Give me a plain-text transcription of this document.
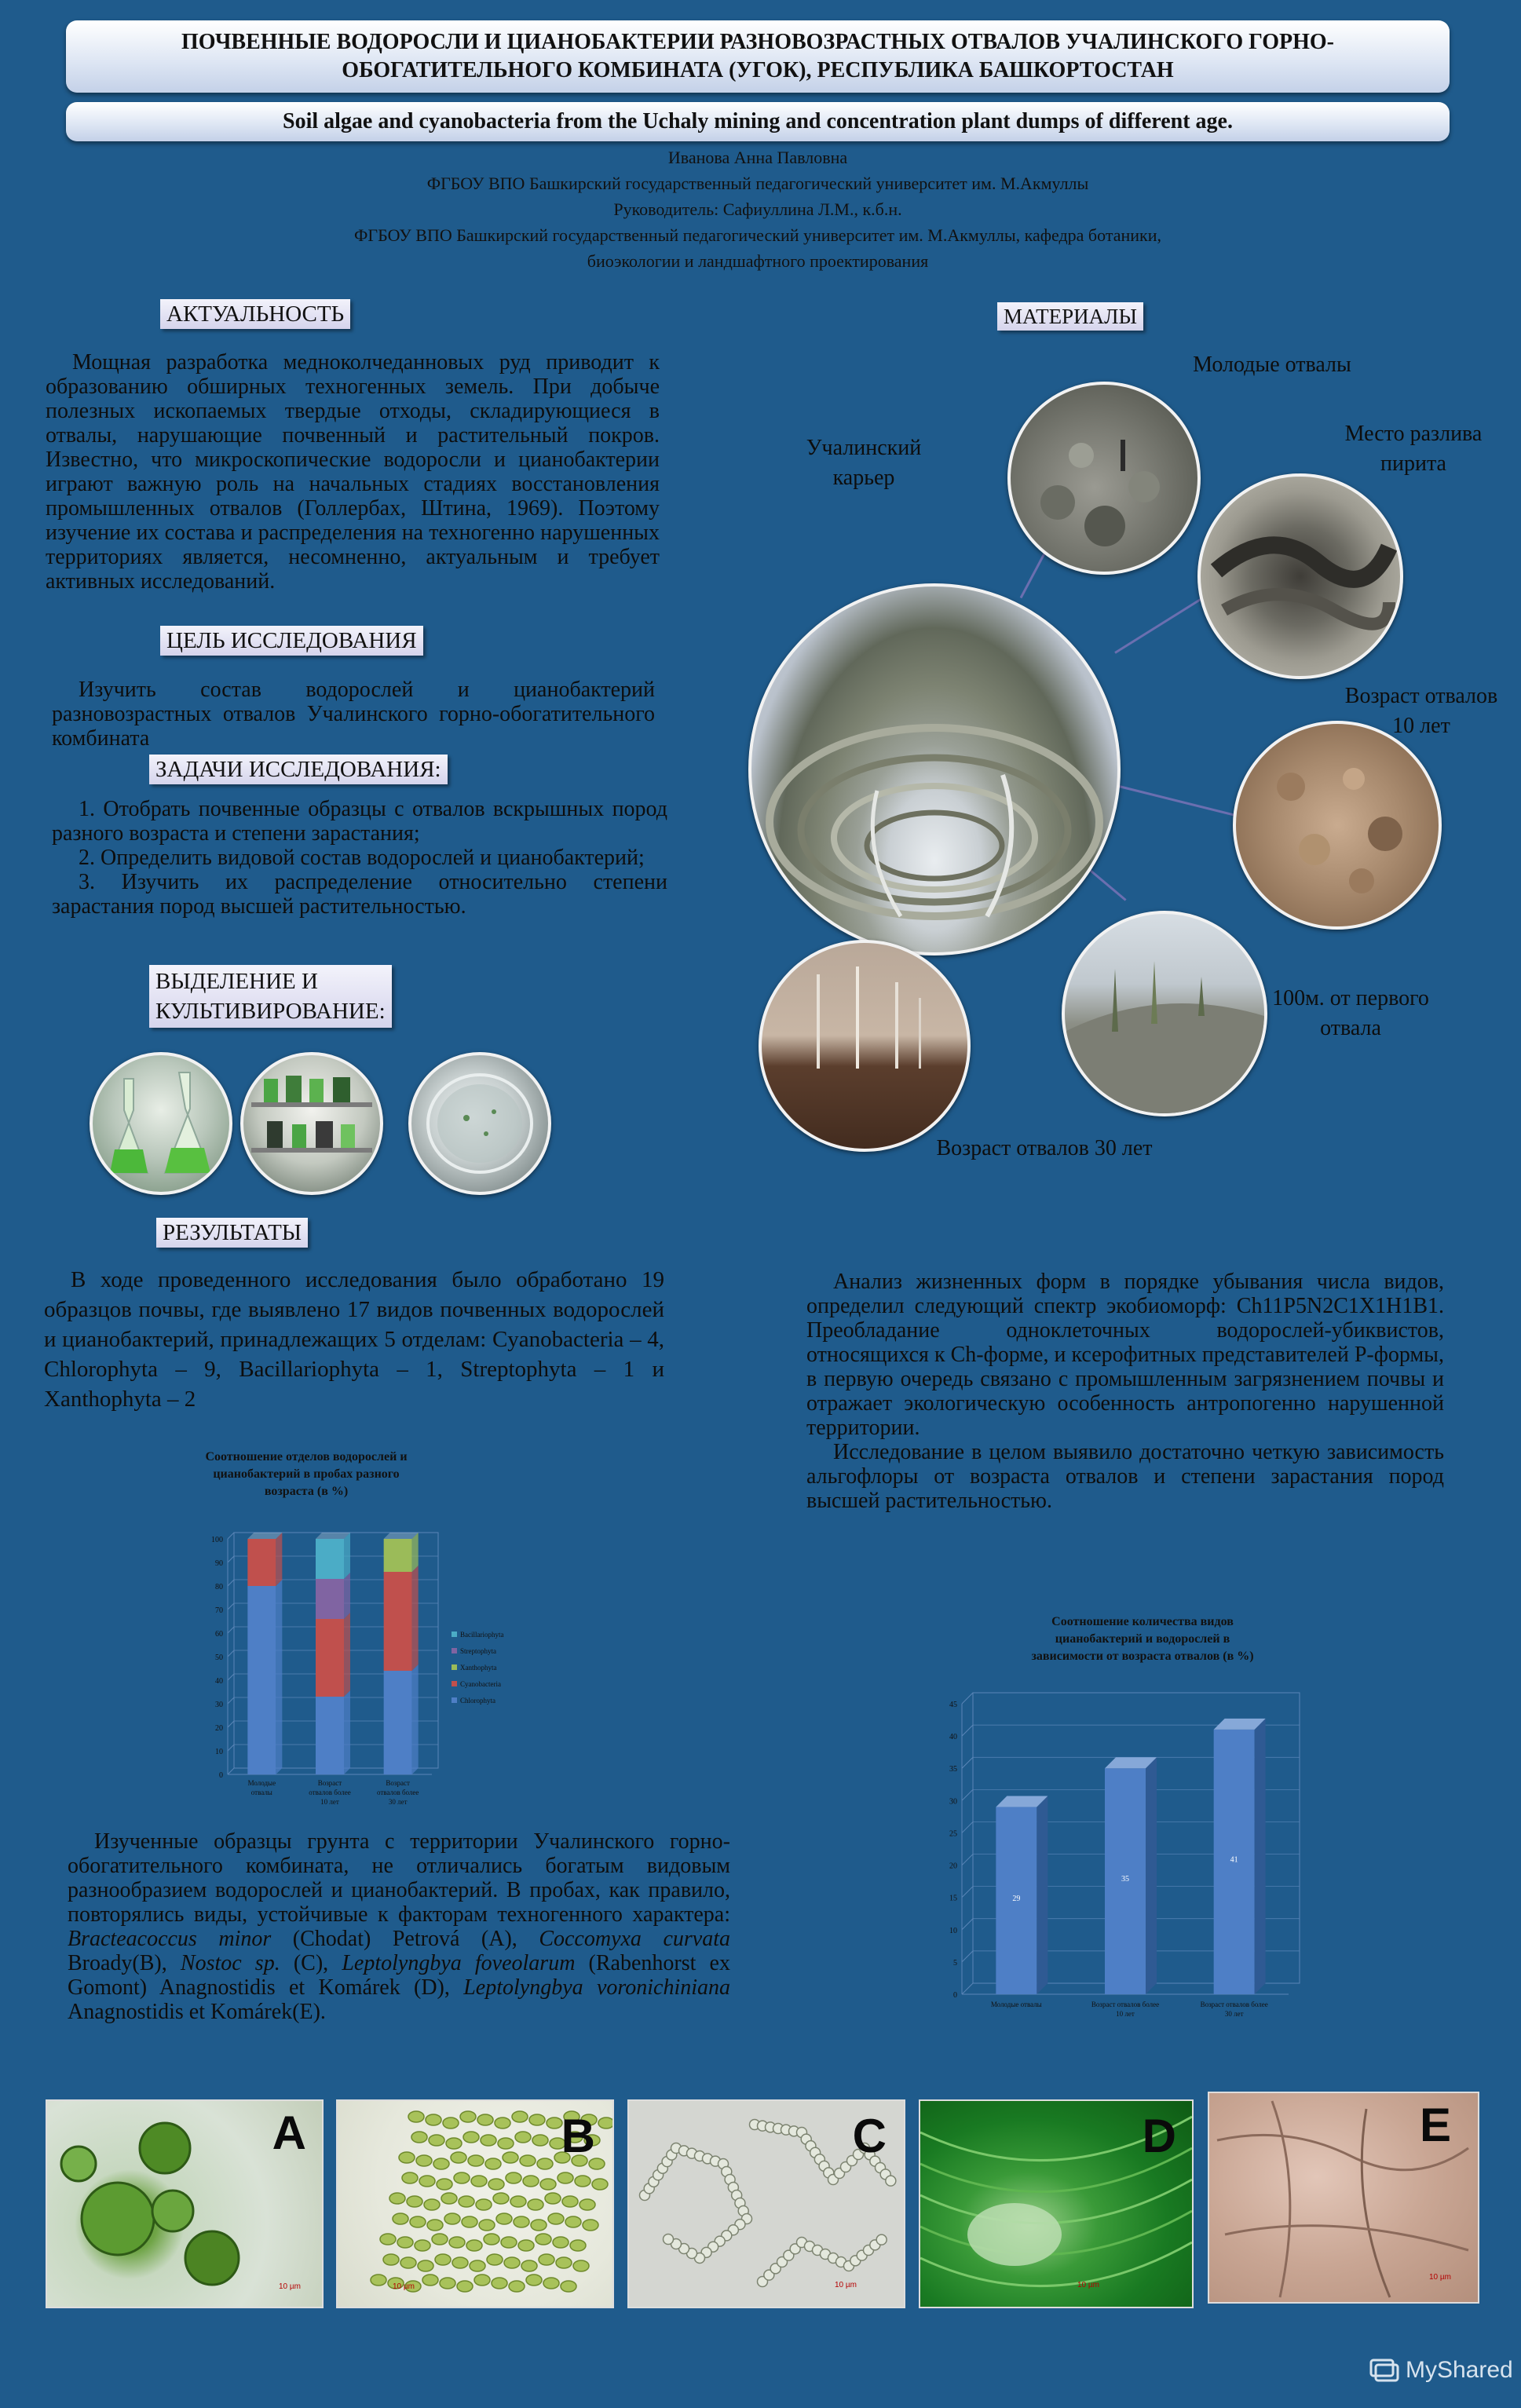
ПОЧВЕННЫЕ ВОДОРОСЛИ И ЦИАНОБАКТЕРИИ РАЗНОВОЗРАСТНЫХ ОТВАЛОВ УЧАЛИНСКОГО ГОРНО-
ОБОГАТИТЕЛЬНОГО КОМБИНАТА (УГОК), РЕСПУБЛИКА БАШКОРТОСТАН
Soil algae and cyanobacteria from the Uchaly mining and concentration plant dumps of different age.
Иванова Анна Павловна
ФГБОУ ВПО Башкирский государственный педагогический университет им. М.Акмуллы
Руководитель: Сафиуллина Л.М., к.б.н.
ФГБОУ ВПО Башкирский государственный педагогический университет им. М.Акмуллы, кафедра ботаники,
биоэкологии и ландшафтного проектирования
АКТУАЛЬНОСТЬ

Мощная разработка медноколчеданновых руд приводит к образованию обширных техногенных земель. При добыче полезных ископаемых твердые отходы, складирующиеся в отвалы, нарушающие почвенный и растительный покров. Известно, что микроскопические водоросли и цианобактерии играют важную роль на начальных стадиях восстановления промышленных отвалов (Голлербах, Штина, 1969). Поэтому изучение их состава и распределения на техногенно нарушенных территориях является, несомненно, актуальным и требует активных исследований.

ЦЕЛЬ ИССЛЕДОВАНИЯ

Изучить состав водорослей и цианобактерий разновозрастных отвалов Учалинского горно-обогатительного комбината

ЗАДАЧИ ИССЛЕДОВАНИЯ:

1. Отобрать почвенные образцы с отвалов вскрышных пород разного возраста и степени зарастания;

2. Определить видовой состав водорослей и цианобактерий;

3. Изучить их распределение относительно степени зарастания пород высшей растительностью.

ВЫДЕЛЕНИЕ И
КУЛЬТИВИРОВАНИЕ:
РЕЗУЛЬТАТЫ

В ходе проведенного исследования было обработано 19 образцов почвы, где выявлено 17 видов почвенных водорослей и цианобактерий, принадлежащих 5 отделам: Cyanobacteria – 4, Chlorophyta – 9, Bacillariophyta – 1, Streptophyta – 1 и Xanthophyta – 2

Соотношение отделов водорослей и
цианобактерий в пробах разного
возраста (в %)
0
10
20
30
40
50
60
70
80
90
100
Молодые
отвалы
Возраст
отвалов более
10 лет
Возраст
отвалов более
30 лет
Bacillariophyta
Streptophyta
Xanthophyta
Cyanobacteria
Chlorophyta

Изученные образцы грунта с территории Учалинского горно-обогатительного комбината, не отличались богатым видовым разнообразием водорослей и цианобактерий. В пробах, как правило, повторялись виды, устойчивые к факторам техногенного характера: Bracteacoccus minor (Chodat) Petrová (A), Coccomyxa curvata Broady(B), Nostoc sp. (C), Leptolyngbya foveolarum (Rabenhorst ex Gomont) Anagnostidis et Komárek (D), Leptolyngbya voronichiniana Anagnostidis et Komárek(E).

МАТЕРИАЛЫ
Молодые отвалы
Учалинский
карьер
Место разлива
пирита
Возраст отвалов
10 лет
100м. от первого
отвала
Возраст отвалов 30 лет

Анализ жизненных форм в порядке убывания числа видов, определил следующий спектр экобиоморф: Ch11P5N2C1X1H1B1. Преобладание одноклеточных водорослей-убиквистов, относящихся к Ch-форме, и ксерофитных представителей P-формы, в первую очередь связано с промышленным загрязнением почвы и отражает экологическую особенность антропогенно нарушенной территории.

Исследование в целом выявило достаточно четкую зависимость альгофлоры от возраста отвалов и степени зарастания пород высшей растительностью.

Соотношение количества видов
цианобактерий и водорослей в
зависимости от возраста отвалов (в %)
0
5
10
15
20
25
30
35
40
45
29
Молодые отвалы
35
Возраст отвалов более
10 лет
41
Возраст отвалов более
30 лет
A
10 µm
B
10 µm
C
10 µm
D
10 µm
E
10 µm
MyShared
